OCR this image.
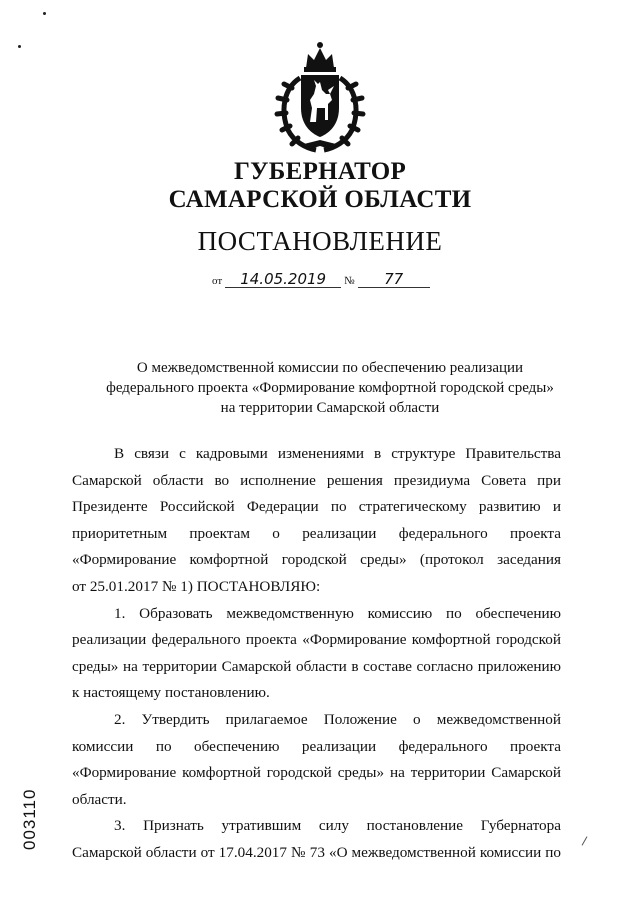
ГУБЕРНАТОР
САМАРСКОЙ ОБЛАСТИ
ПОСТАНОВЛЕНИЕ
от 14.05.2019 № 77
О межведомственной комиссии по обеспечению реализации
федерального проекта «Формирование комфортной городской среды»
на территории Самарской области
В связи с кадровыми изменениями в структуре Правительства
Самарской области во исполнение решения президиума Совета при
Президенте Российской Федерации по стратегическому развитию и
приоритетным проектам о реализации федерального проекта
«Формирование комфортной городской среды» (протокол заседания
от 25.01.2017 № 1) ПОСТАНОВЛЯЮ:
1. Образовать межведомственную комиссию по обеспечению
реализации федерального проекта «Формирование комфортной городской
среды» на территории Самарской области в составе согласно приложению
к настоящему постановлению.
2. Утвердить прилагаемое Положение о межведомственной
комиссии по обеспечению реализации федерального проекта
«Формирование комфортной городской среды» на территории Самарской
области.
3. Признать утратившим силу постановление Губернатора
Самарской области от 17.04.2017 № 73 «О межведомственной комиссии по
003110
